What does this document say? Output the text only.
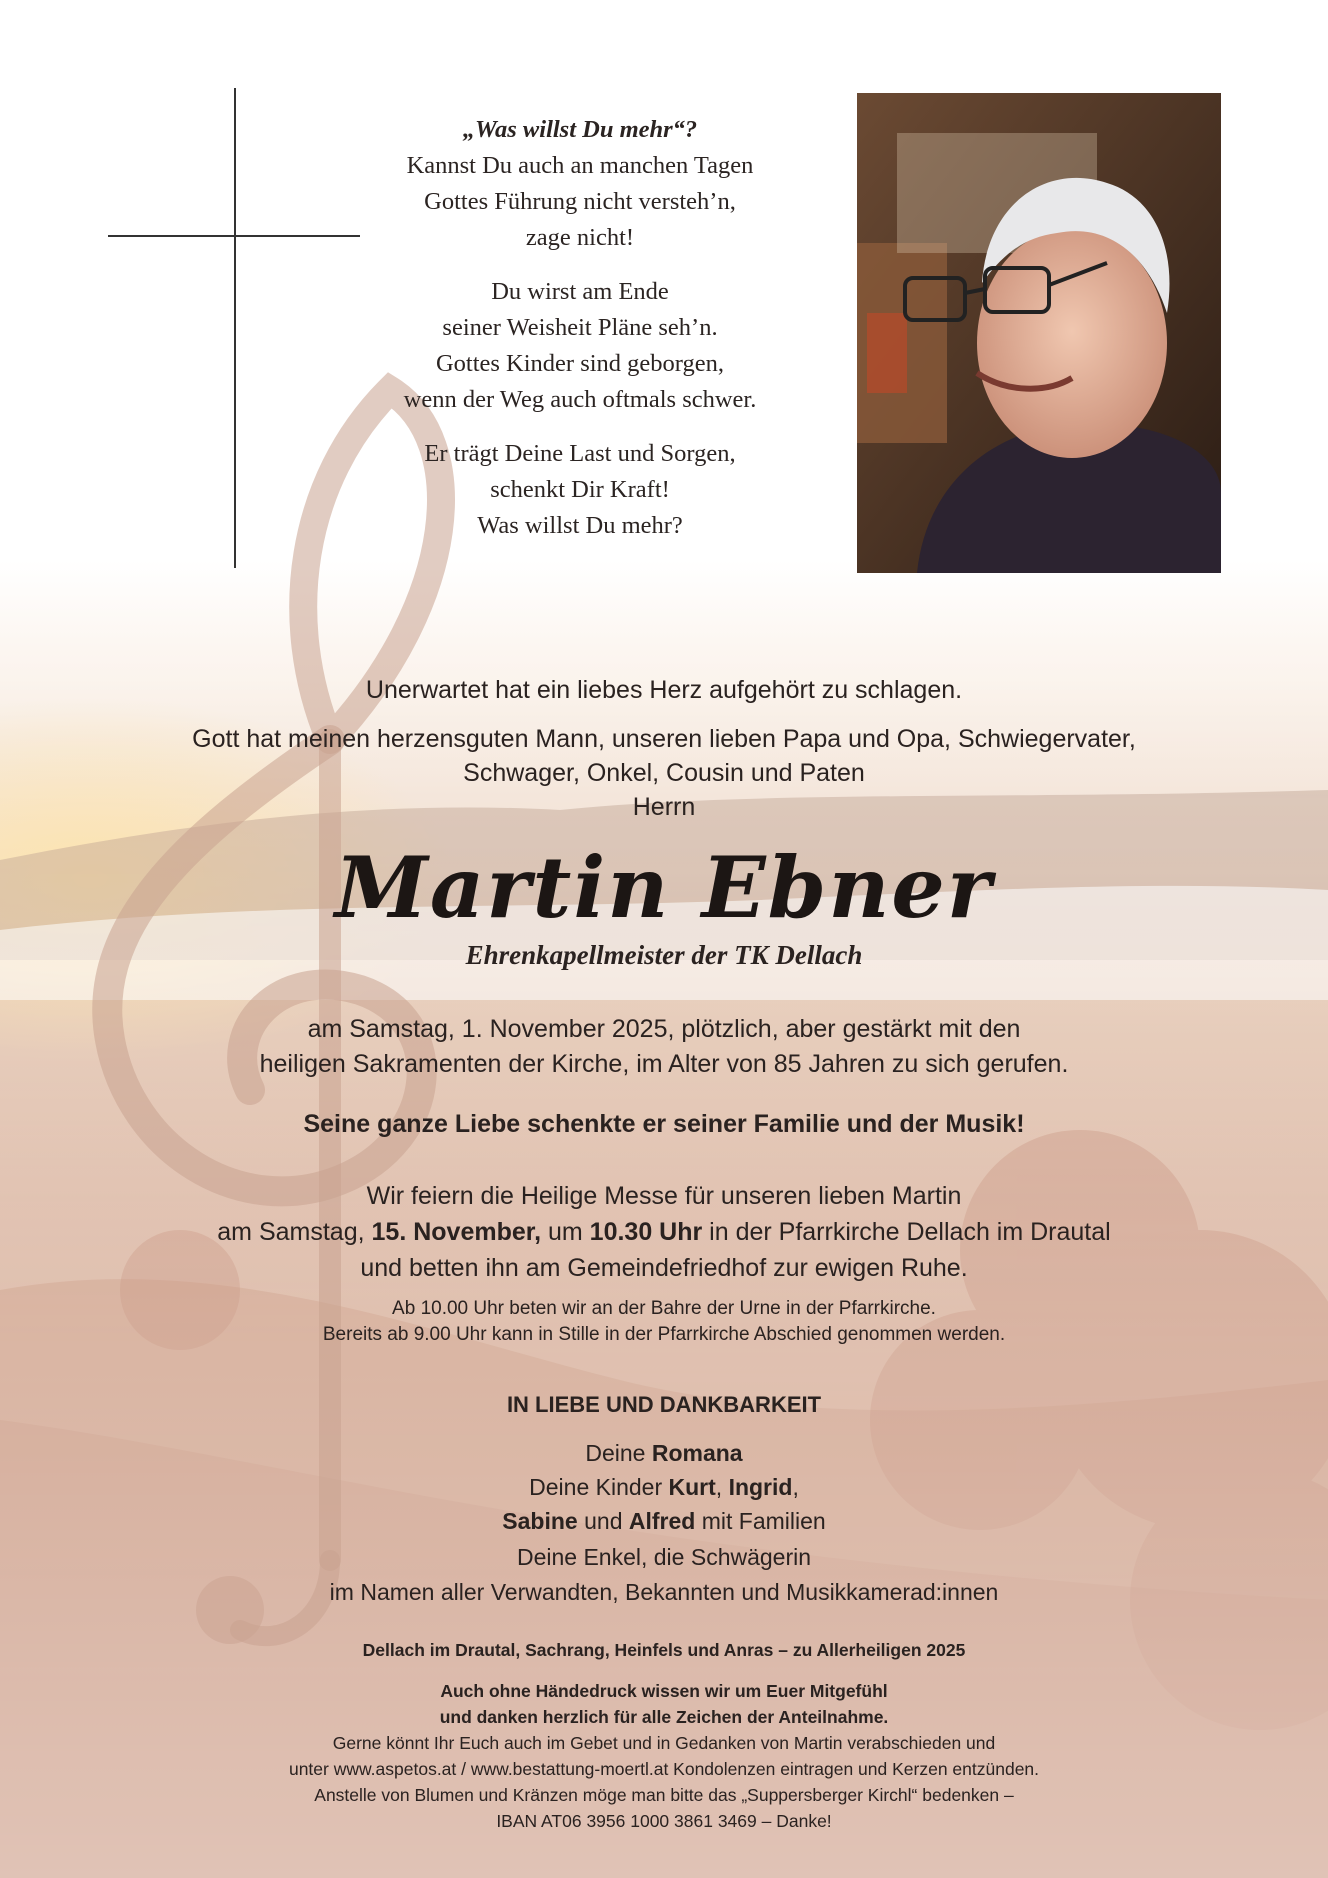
„Was willst Du mehr“?
Kannst Du auch an manchen Tagen
Gottes Führung nicht versteh’n,
zage nicht!

Du wirst am Ende
seiner Weisheit Pläne seh’n.
Gottes Kinder sind geborgen,
wenn der Weg auch oftmals schwer.

Er trägt Deine Last und Sorgen,
schenkt Dir Kraft!
Was willst Du mehr?

Unerwartet hat ein liebes Herz aufgehört zu schlagen.
Gott hat meinen herzensguten Mann, unseren lieben Papa und Opa, Schwiegervater,
Schwager, Onkel, Cousin und Paten
Herrn
Martin Ebner
Ehrenkapellmeister der TK Dellach
am Samstag, 1. November 2025, plötzlich, aber gestärkt mit den
heiligen Sakramenten der Kirche, im Alter von 85 Jahren zu sich gerufen.
Seine ganze Liebe schenkte er seiner Familie und der Musik!
Wir feiern die Heilige Messe für unseren lieben Martin
am Samstag, 15. November, um 10.30 Uhr in der Pfarrkirche Dellach im Drautal
und betten ihn am Gemeindefriedhof zur ewigen Ruhe.
Ab 10.00 Uhr beten wir an der Bahre der Urne in der Pfarrkirche.
Bereits ab 9.00 Uhr kann in Stille in der Pfarrkirche Abschied genommen werden.
IN LIEBE UND DANKBARKEIT
Deine Romana
Deine Kinder Kurt, Ingrid,
Sabine und Alfred mit Familien
Deine Enkel, die Schwägerin
im Namen aller Verwandten, Bekannten und Musikkamerad:innen
Dellach im Drautal, Sachrang, Heinfels und Anras – zu Allerheiligen 2025
Auch ohne Händedruck wissen wir um Euer Mitgefühl
und danken herzlich für alle Zeichen der Anteilnahme.
Gerne könnt Ihr Euch auch im Gebet und in Gedanken von Martin verabschieden und
unter www.aspetos.at / www.bestattung-moertl.at Kondolenzen eintragen und Kerzen entzünden.
Anstelle von Blumen und Kränzen möge man bitte das „Suppersberger Kirchl“ bedenken –
IBAN AT06 3956 1000 3861 3469 – Danke!
